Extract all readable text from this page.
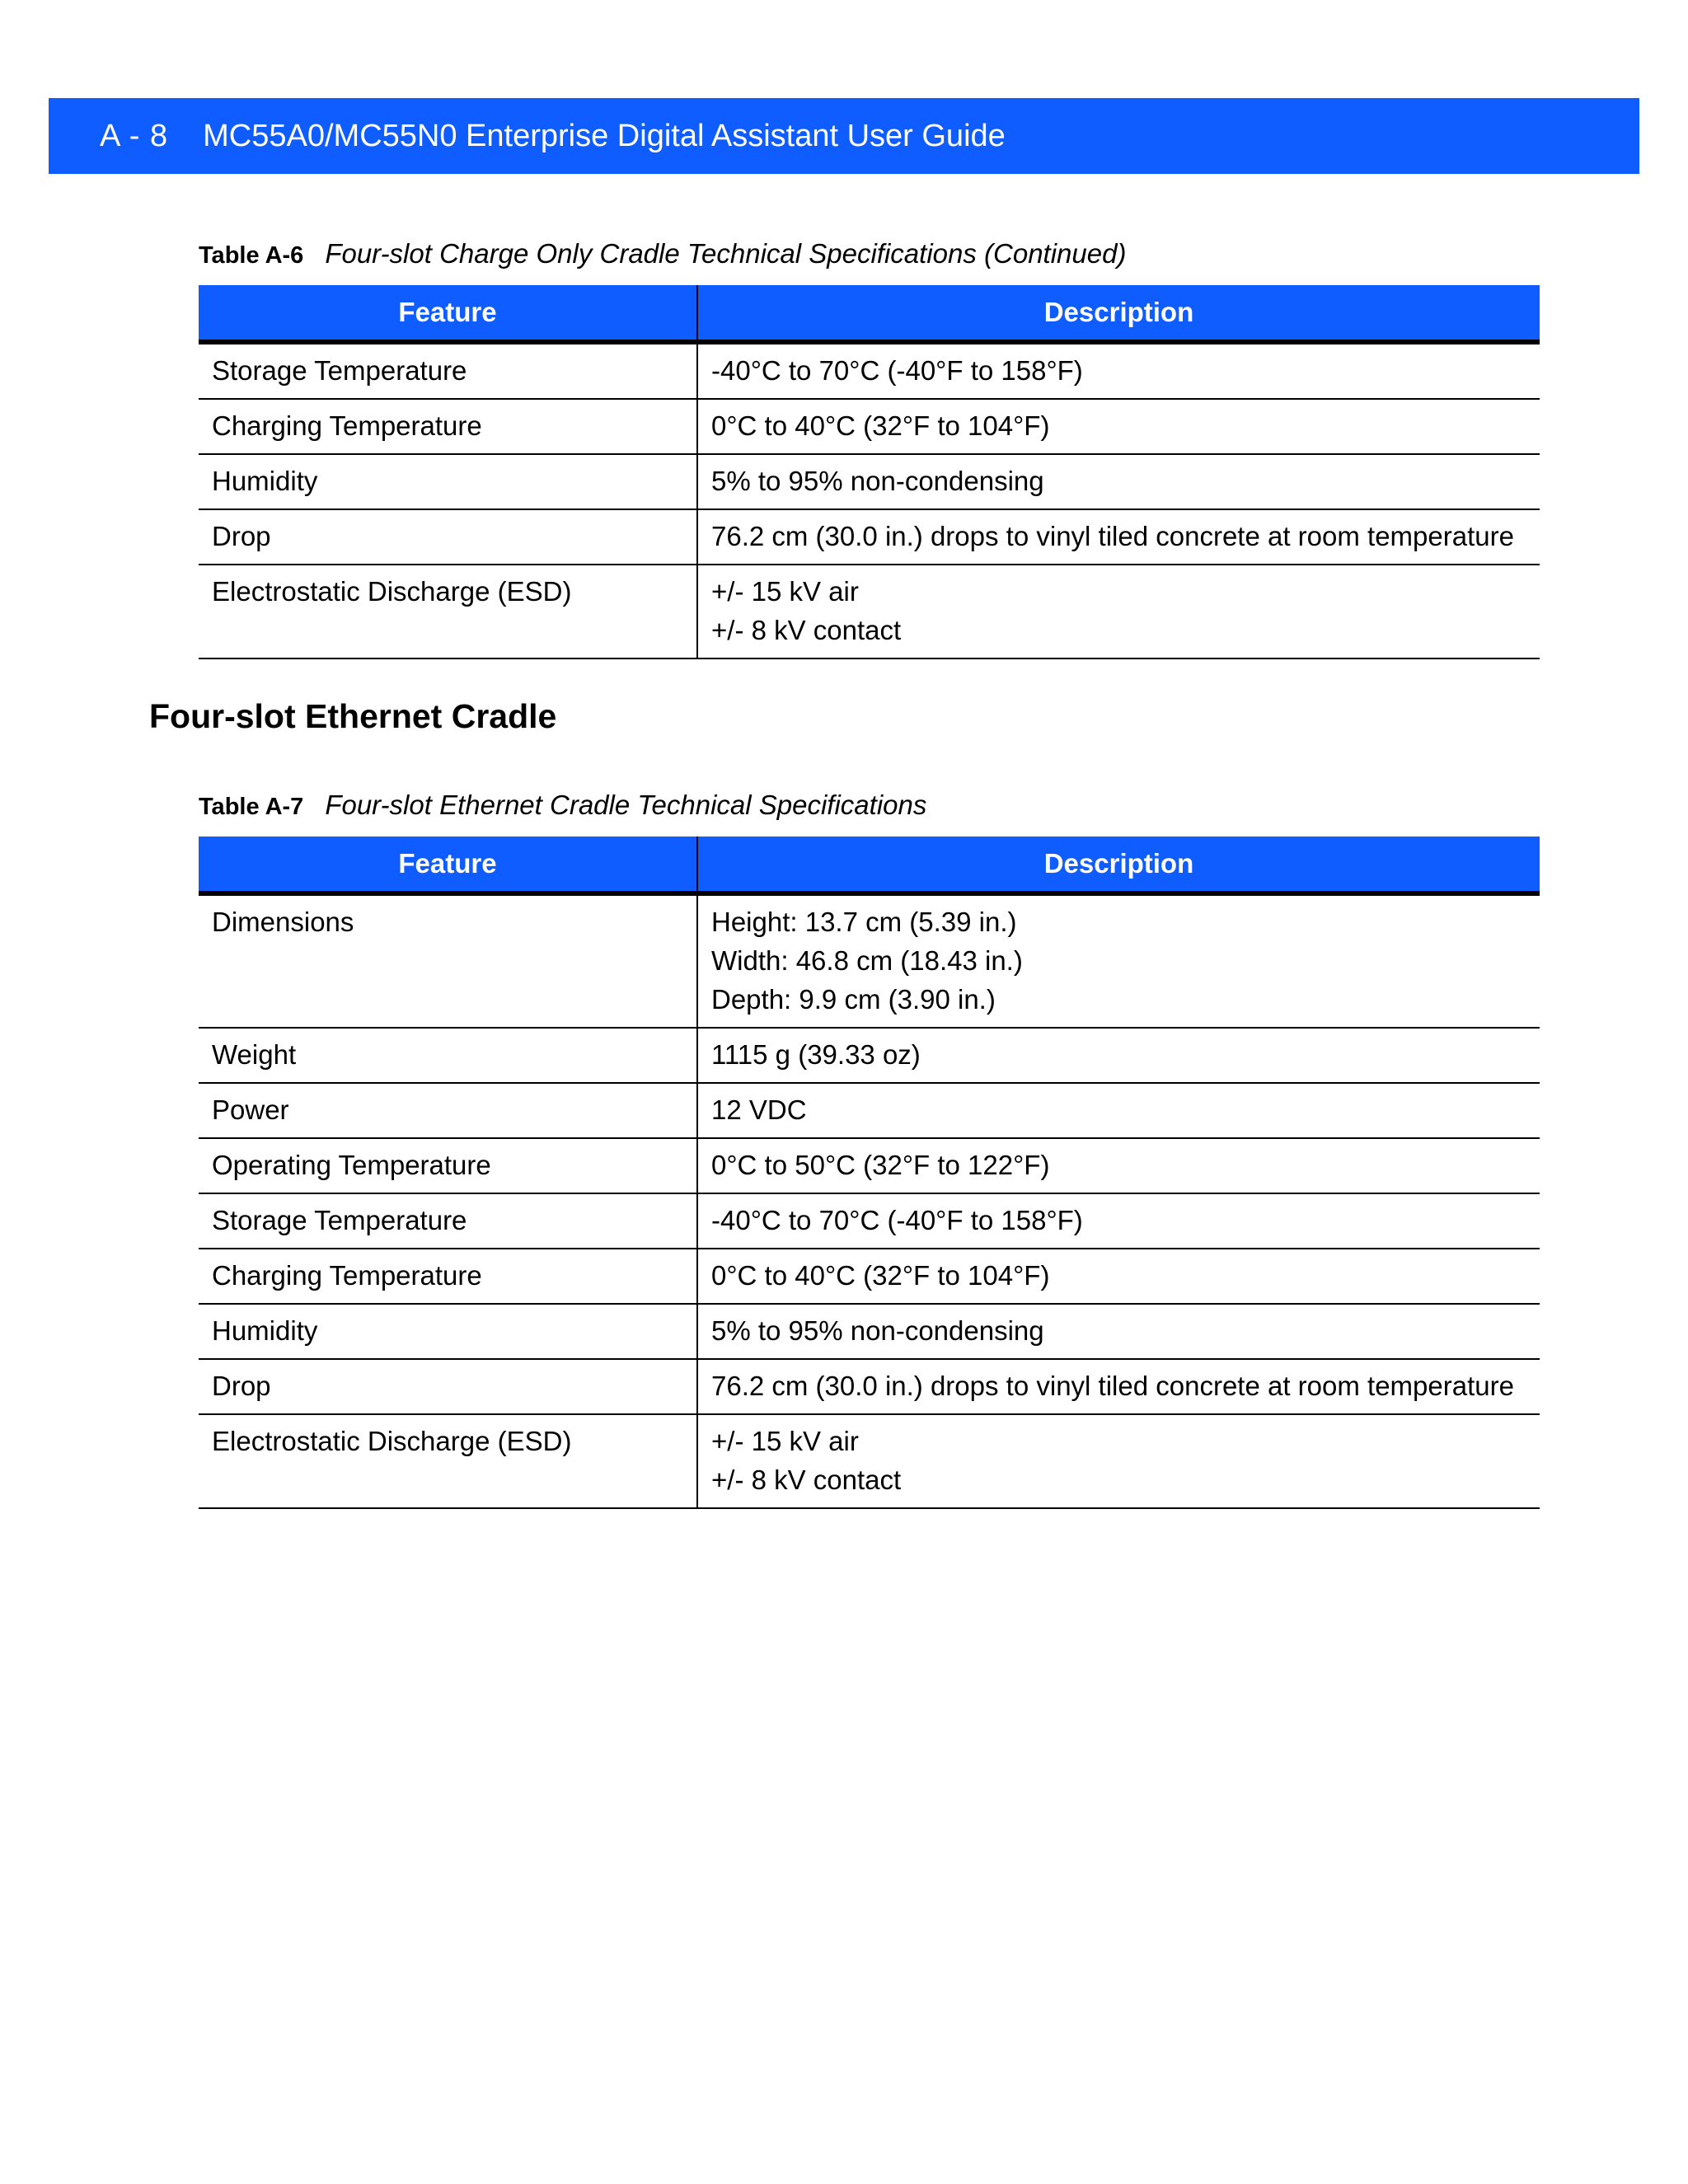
A - 8 MC55A0/MC55N0 Enterprise Digital Assistant User Guide
Table A-6 Four-slot Charge Only Cradle Technical Specifications (Continued)
Feature	Description
Storage Temperature	-40°C to 70°C (-40°F to 158°F)

Charging Temperature	0°C to 40°C (32°F to 104°F)

Humidity	5% to 95% non-condensing

Drop	76.2 cm (30.0 in.) drops to vinyl tiled concrete at room temperature

Electrostatic Discharge (ESD)	+/- 15 kV air
+/- 8 kV contact
Four-slot Ethernet Cradle
Table A-7 Four-slot Ethernet Cradle Technical Specifications
Feature	Description
Dimensions	Height: 13.7 cm (5.39 in.)
Width: 46.8 cm (18.43 in.)
Depth: 9.9 cm (3.90 in.)

Weight	1115 g (39.33 oz)

Power	12 VDC

Operating Temperature	0°C to 50°C (32°F to 122°F)

Storage Temperature	-40°C to 70°C (-40°F to 158°F)

Charging Temperature	0°C to 40°C (32°F to 104°F)

Humidity	5% to 95% non-condensing

Drop	76.2 cm (30.0 in.) drops to vinyl tiled concrete at room temperature

Electrostatic Discharge (ESD)	+/- 15 kV air
+/- 8 kV contact
